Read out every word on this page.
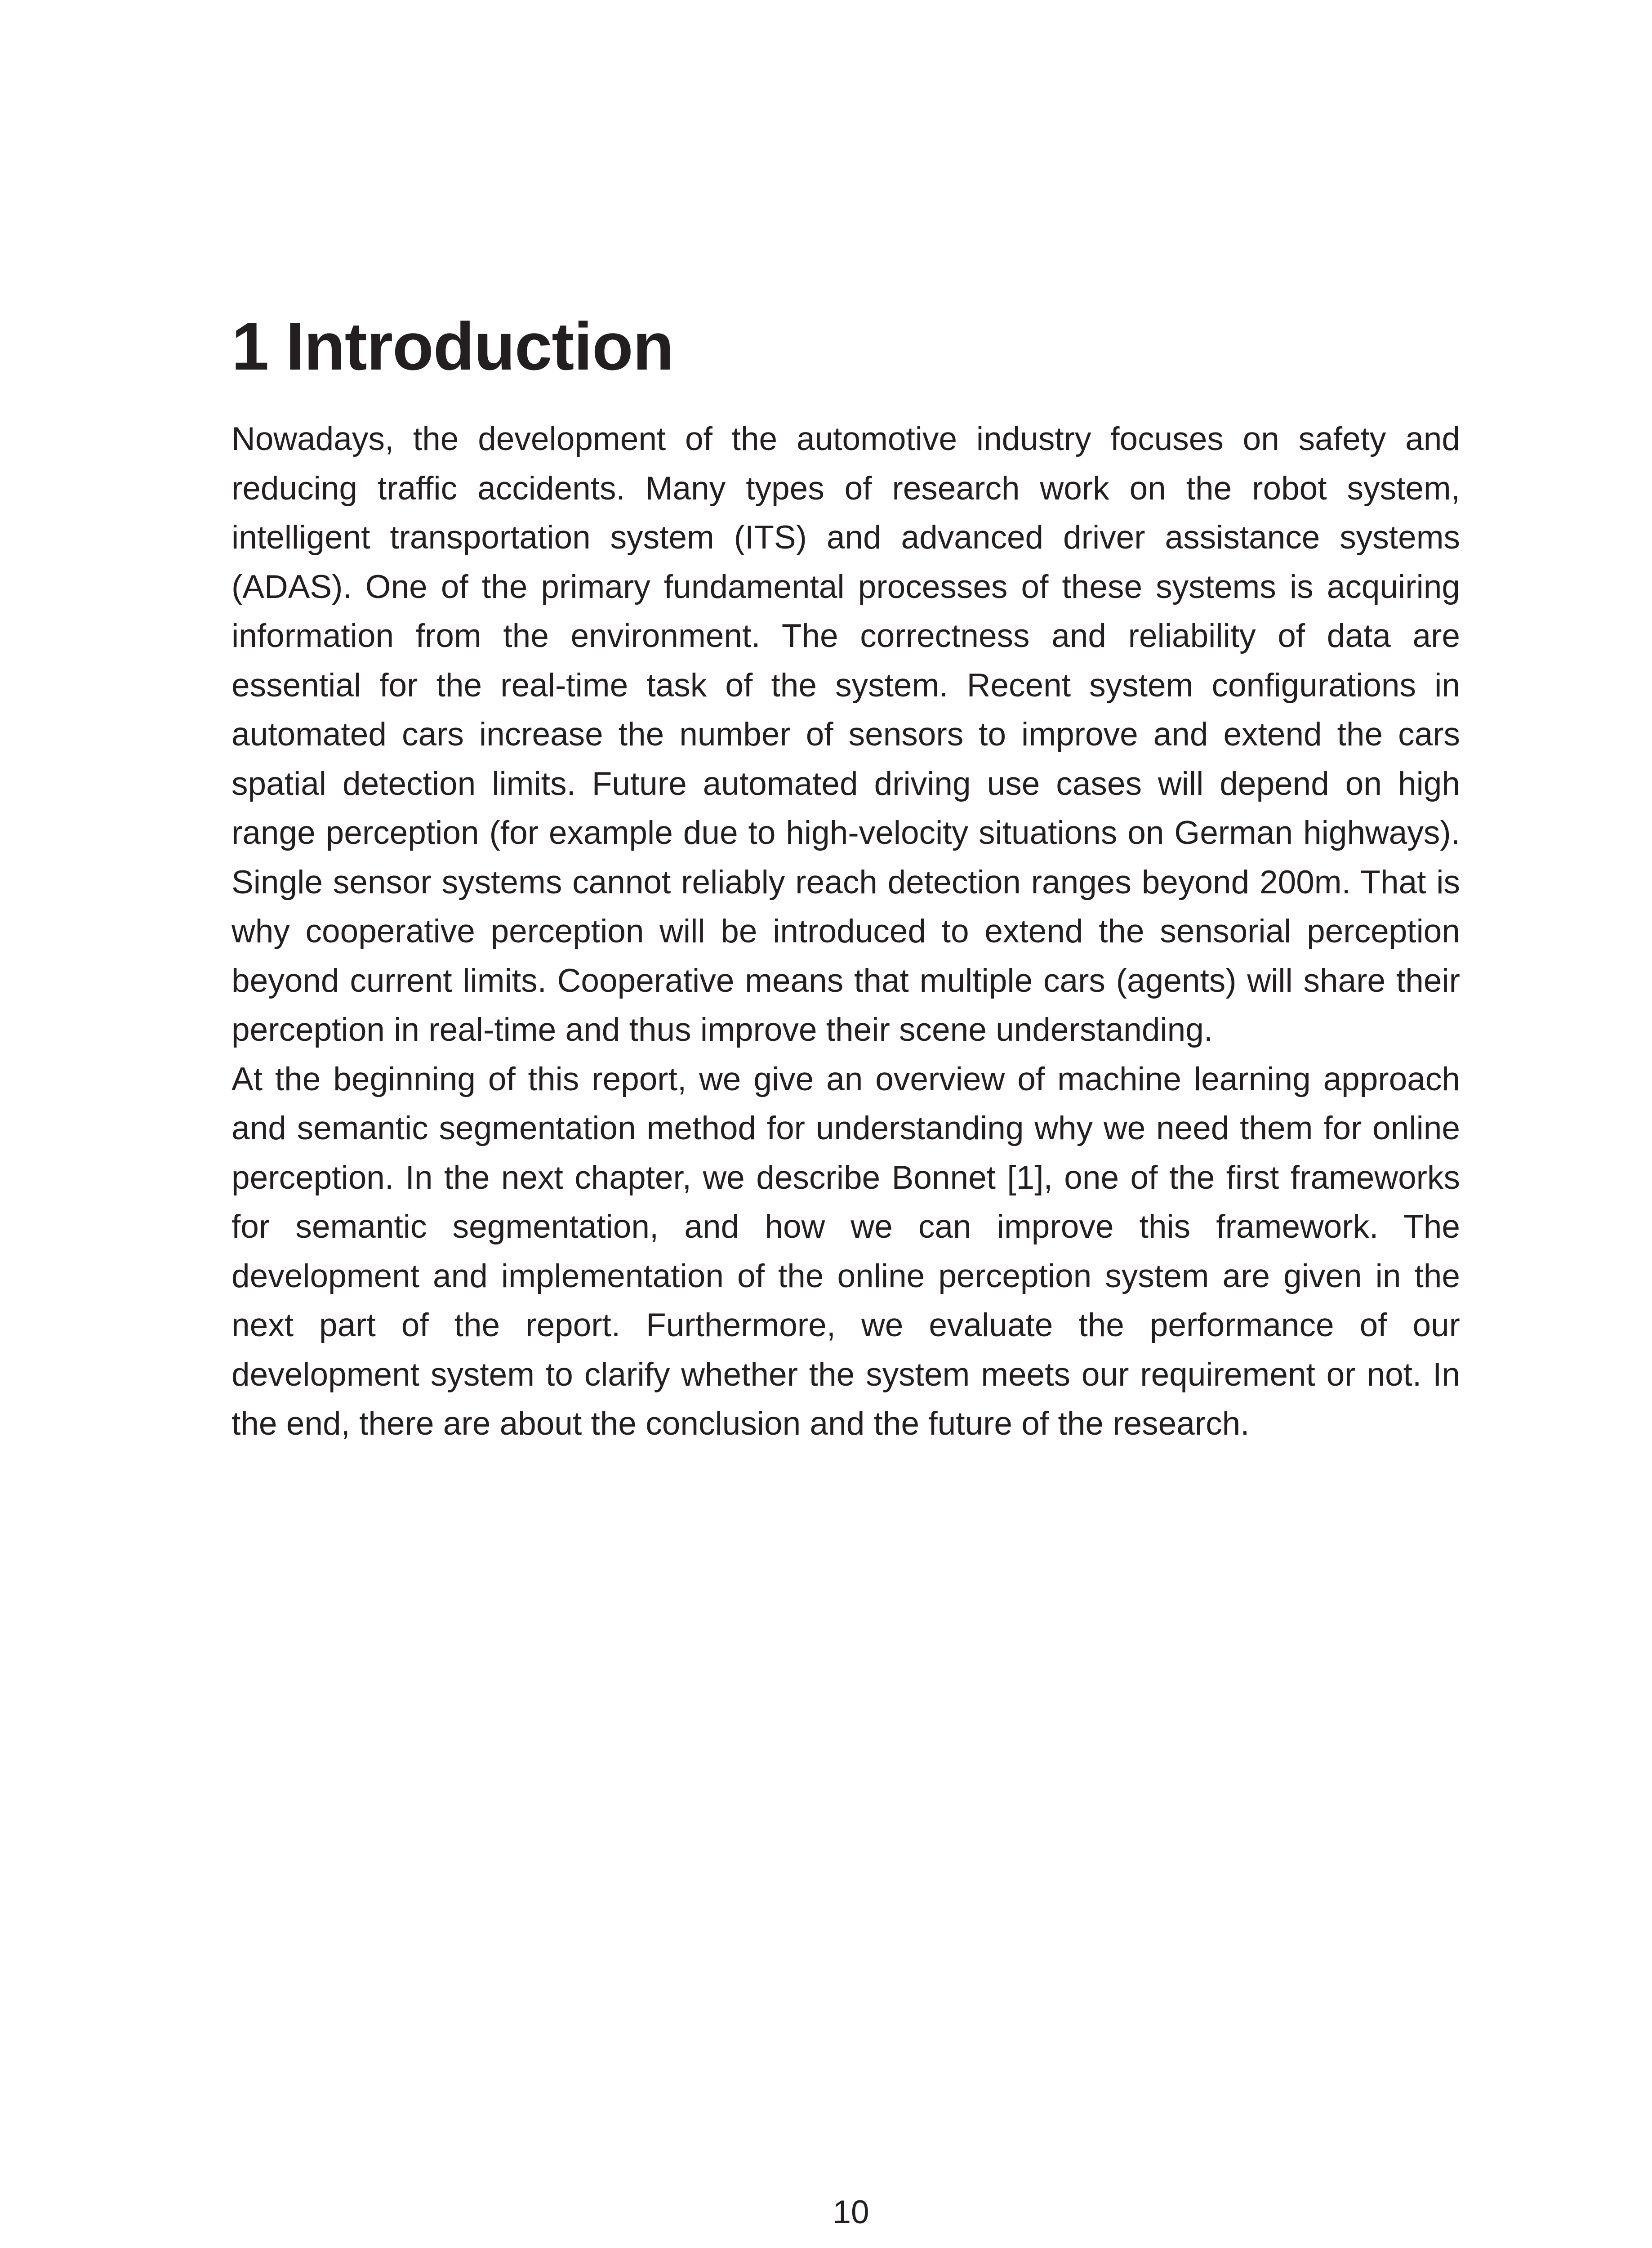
1 Introduction

Nowadays, the development of the automotive industry focuses on safety and reducing traffic accidents. Many types of research work on the robot system, intelligent transportation system (ITS) and advanced driver assistance systems (ADAS). One of the primary fundamental processes of these systems is acquiring information from the environment. The correctness and reliability of data are essential for the real-time task of the system. Recent system configurations in automated cars increase the number of sensors to improve and extend the cars spatial detection limits. Future automated driving use cases will depend on high range perception (for example due to high-velocity situations on German highways). Single sensor systems cannot reliably reach detection ranges beyond 200m. That is why cooperative perception will be introduced to extend the sensorial perception beyond current limits. Cooperative means that multiple cars (agents) will share their perception in real-time and thus improve their scene understanding.

At the beginning of this report, we give an overview of machine learning approach and semantic segmentation method for understanding why we need them for online perception. In the next chapter, we describe Bonnet [1], one of the first frameworks for semantic segmentation, and how we can improve this framework. The development and implementation of the online perception system are given in the next part of the report. Furthermore, we evaluate the performance of our development system to clarify whether the system meets our requirement or not. In the end, there are about the conclusion and the future of the research.

10
